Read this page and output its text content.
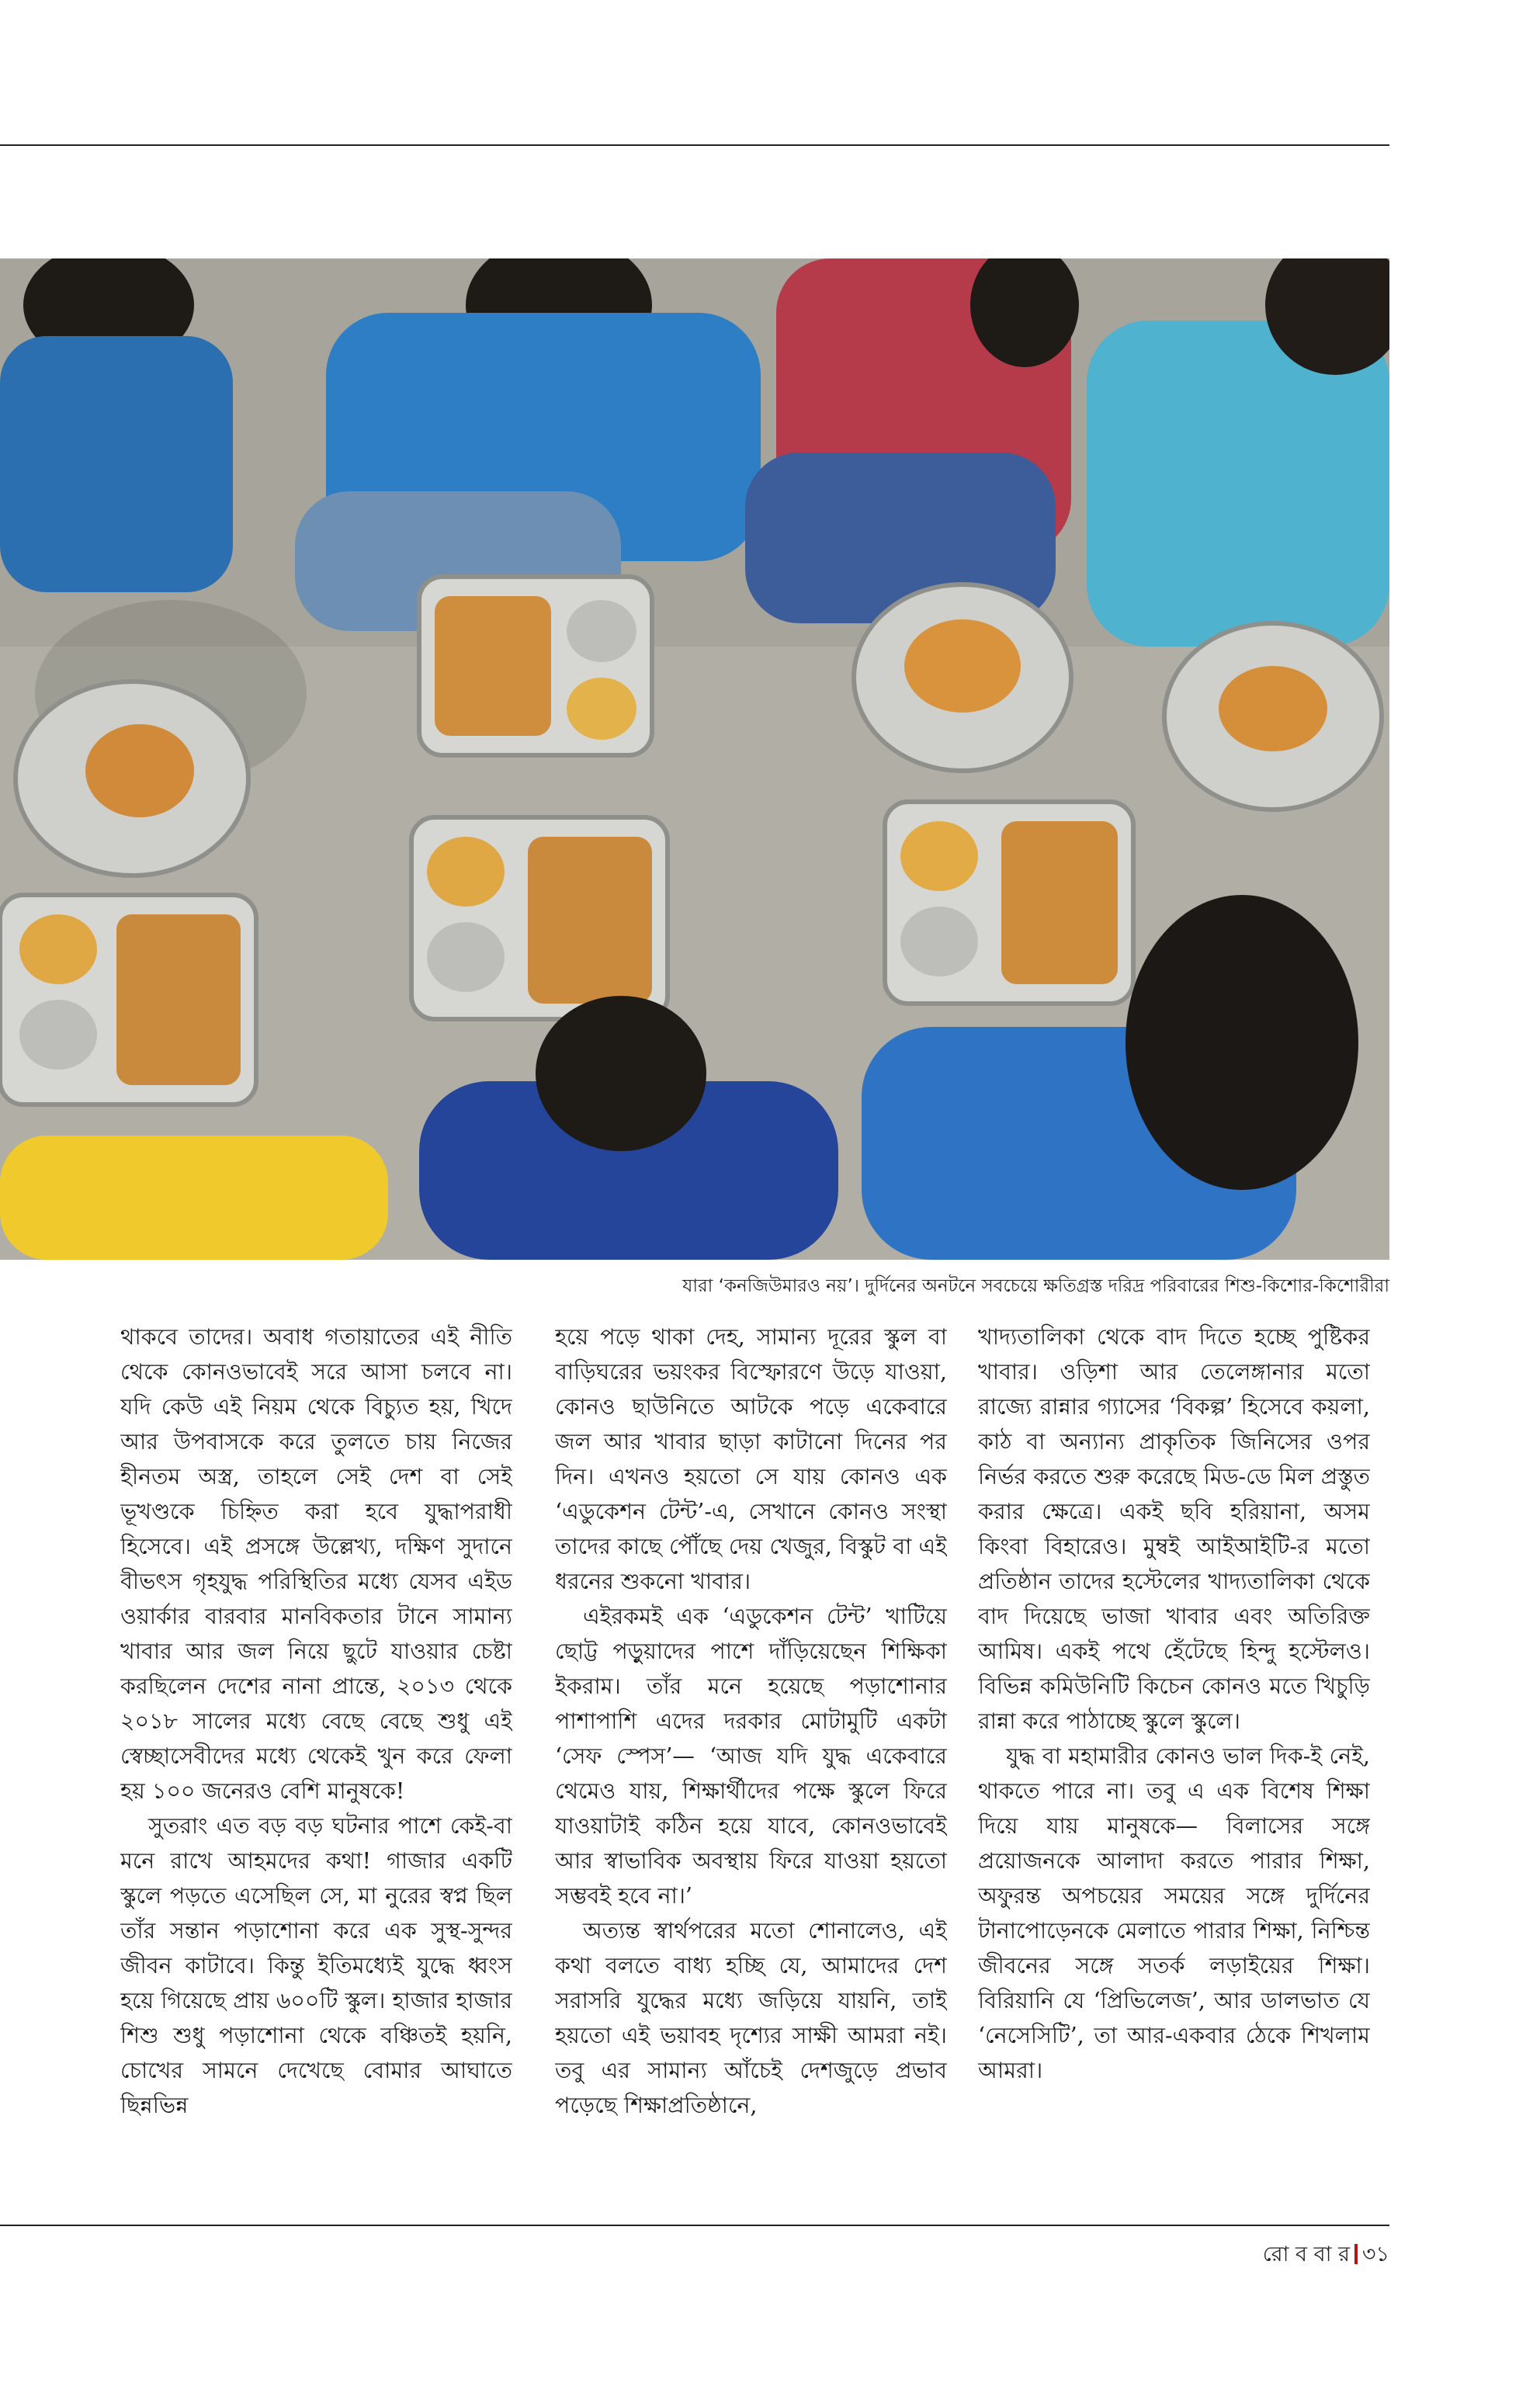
যারা ‘কনজিউমারও নয়’। দুর্দিনের অনটনে সবচেয়ে ক্ষতিগ্রস্ত দরিদ্র পরিবারের শিশু-কিশোর-কিশোরীরা

থাকবে তাদের। অবাধ গতায়াতের এই নীতি থেকে কোনওভাবেই সরে আসা চলবে না। যদি কেউ এই নিয়ম থেকে বিচ্যুত হয়, খিদে আর উপবাসকে করে তুলতে চায় নিজের হীনতম অস্ত্র, তাহলে সেই দেশ বা সেই ভূখণ্ডকে চিহ্নিত করা হবে যুদ্ধাপরাধী হিসেবে। এই প্রসঙ্গে উল্লেখ্য, দক্ষিণ সুদানে বীভৎস গৃহযুদ্ধ পরিস্থিতির মধ্যে যেসব এইড ওয়ার্কার বারবার মানবিকতার টানে সামান্য খাবার আর জল নিয়ে ছুটে যাওয়ার চেষ্টা করছিলেন দেশের নানা প্রান্তে, ২০১৩ থেকে ২০১৮ সালের মধ্যে বেছে বেছে শুধু এই স্বেচ্ছাসেবীদের মধ্যে থেকেই খুন করে ফেলা হয় ১০০ জনেরও বেশি মানুষকে!

সুতরাং এত বড় বড় ঘটনার পাশে কেই-বা মনে রাখে আহমদের কথা! গাজার একটি স্কুলে পড়তে এসেছিল সে, মা নুরের স্বপ্ন ছিল তাঁর সন্তান পড়াশোনা করে এক সুস্থ-সুন্দর জীবন কাটাবে। কিন্তু ইতিমধ্যেই যুদ্ধে ধ্বংস হয়ে গিয়েছে প্রায় ৬০০টি স্কুল। হাজার হাজার শিশু শুধু পড়াশোনা থেকে বঞ্চিতই হয়নি, চোখের সামনে দেখেছে বোমার আঘাতে ছিন্নভিন্ন

হয়ে পড়ে থাকা দেহ, সামান্য দূরের স্কুল বা বাড়িঘরের ভয়ংকর বিস্ফোরণে উড়ে যাওয়া, কোনও ছাউনিতে আটকে পড়ে একেবারে জল আর খাবার ছাড়া কাটানো দিনের পর দিন। এখনও হয়তো সে যায় কোনও এক ‘এডুকেশন টেন্ট’-এ, সেখানে কোনও সংস্থা তাদের কাছে পৌঁছে দেয় খেজুর, বিস্কুট বা এই ধরনের শুকনো খাবার।

এইরকমই এক ‘এডুকেশন টেন্ট’ খাটিয়ে ছোট্ট পড়ুয়াদের পাশে দাঁড়িয়েছেন শিক্ষিকা ইকরাম। তাঁর মনে হয়েছে পড়াশোনার পাশাপাশি এদের দরকার মোটামুটি একটা ‘সেফ স্পেস’— ‘আজ যদি যুদ্ধ একেবারে থেমেও যায়, শিক্ষার্থীদের পক্ষে স্কুলে ফিরে যাওয়াটাই কঠিন হয়ে যাবে, কোনওভাবেই আর স্বাভাবিক অবস্থায় ফিরে যাওয়া হয়তো সম্ভবই হবে না।’

অত্যন্ত স্বার্থপরের মতো শোনালেও, এই কথা বলতে বাধ্য হচ্ছি যে, আমাদের দেশ সরাসরি যুদ্ধের মধ্যে জড়িয়ে যায়নি, তাই হয়তো এই ভয়াবহ দৃশ্যের সাক্ষী আমরা নই। তবু এর সামান্য আঁচেই দেশজুড়ে প্রভাব পড়েছে শিক্ষাপ্রতিষ্ঠানে,

খাদ্যতালিকা থেকে বাদ দিতে হচ্ছে পুষ্টিকর খাবার। ওড়িশা আর তেলেঙ্গানার মতো রাজ্যে রান্নার গ্যাসের ‘বিকল্প’ হিসেবে কয়লা, কাঠ বা অন্যান্য প্রাকৃতিক জিনিসের ওপর নির্ভর করতে শুরু করেছে মিড-ডে মিল প্রস্তুত করার ক্ষেত্রে। একই ছবি হরিয়ানা, অসম কিংবা বিহারেও। মুম্বই আইআইটি-র মতো প্রতিষ্ঠান তাদের হস্টেলের খাদ্যতালিকা থেকে বাদ দিয়েছে ভাজা খাবার এবং অতিরিক্ত আমিষ। একই পথে হেঁটেছে হিন্দু হস্টেলও। বিভিন্ন কমিউনিটি কিচেন কোনও মতে খিচুড়ি রান্না করে পাঠাচ্ছে স্কুলে স্কুলে।

যুদ্ধ বা মহামারীর কোনও ভাল দিক-ই নেই, থাকতে পারে না। তবু এ এক বিশেষ শিক্ষা দিয়ে যায় মানুষকে— বিলাসের সঙ্গে প্রয়োজনকে আলাদা করতে পারার শিক্ষা, অফুরন্ত অপচয়ের সময়ের সঙ্গে দুর্দিনের টানাপোড়েনকে মেলাতে পারার শিক্ষা, নিশ্চিন্ত জীবনের সঙ্গে সতর্ক লড়াইয়ের শিক্ষা। বিরিয়ানি যে ‘প্রিভিলেজ’, আর ডালভাত যে ‘নেসেসিটি’, তা আর-একবার ঠেকে শিখলাম আমরা।

রো ব বা র ৩১
